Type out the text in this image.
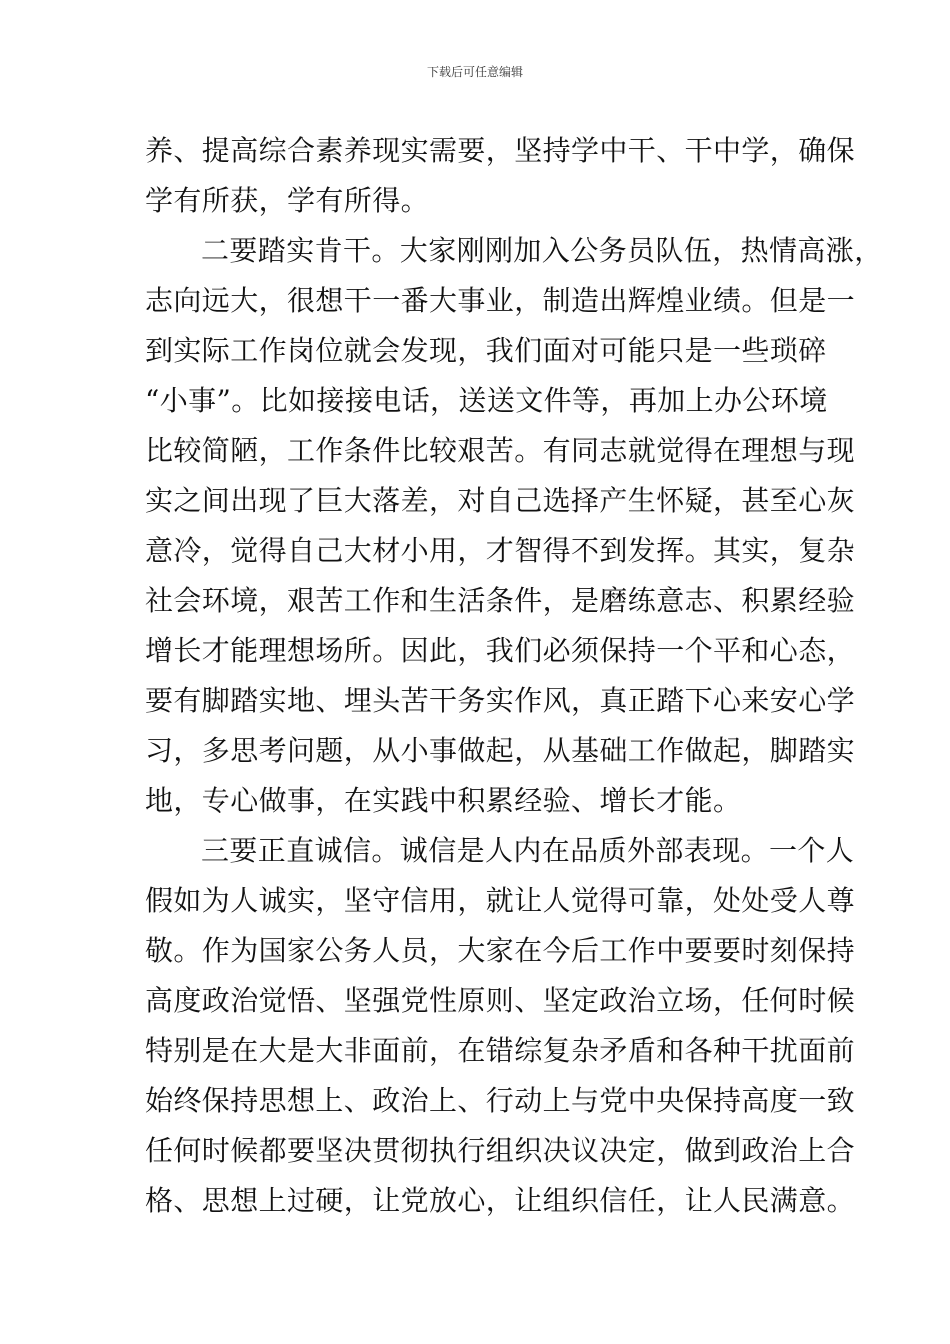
下载后可任意编辑
养、提高综合素养现实需要，坚持学中干、干中学，确保
学有所获，学有所得。
二要踏实肯干。大家刚刚加入公务员队伍，热情高涨，
志向远大，很想干一番大事业，制造出辉煌业绩。但是一
到实际工作岗位就会发现，我们面对可能只是一些琐碎
“小事”。比如接接电话，送送文件等，再加上办公环境
比较简陋，工作条件比较艰苦。有同志就觉得在理想与现
实之间出现了巨大落差，对自己选择产生怀疑，甚至心灰
意冷，觉得自己大材小用，才智得不到发挥。其实，复杂
社会环境，艰苦工作和生活条件，是磨练意志、积累经验
增长才能理想场所。因此，我们必须保持一个平和心态，
要有脚踏实地、埋头苦干务实作风，真正踏下心来安心学
习，多思考问题，从小事做起，从基础工作做起，脚踏实
地，专心做事，在实践中积累经验、增长才能。
三要正直诚信。诚信是人内在品质外部表现。一个人
假如为人诚实，坚守信用，就让人觉得可靠，处处受人尊
敬。作为国家公务人员，大家在今后工作中要要时刻保持
高度政治觉悟、坚强党性原则、坚定政治立场，任何时候
特别是在大是大非面前，在错综复杂矛盾和各种干扰面前
始终保持思想上、政治上、行动上与党中央保持高度一致
任何时候都要坚决贯彻执行组织决议决定，做到政治上合
格、思想上过硬，让党放心，让组织信任，让人民满意。
